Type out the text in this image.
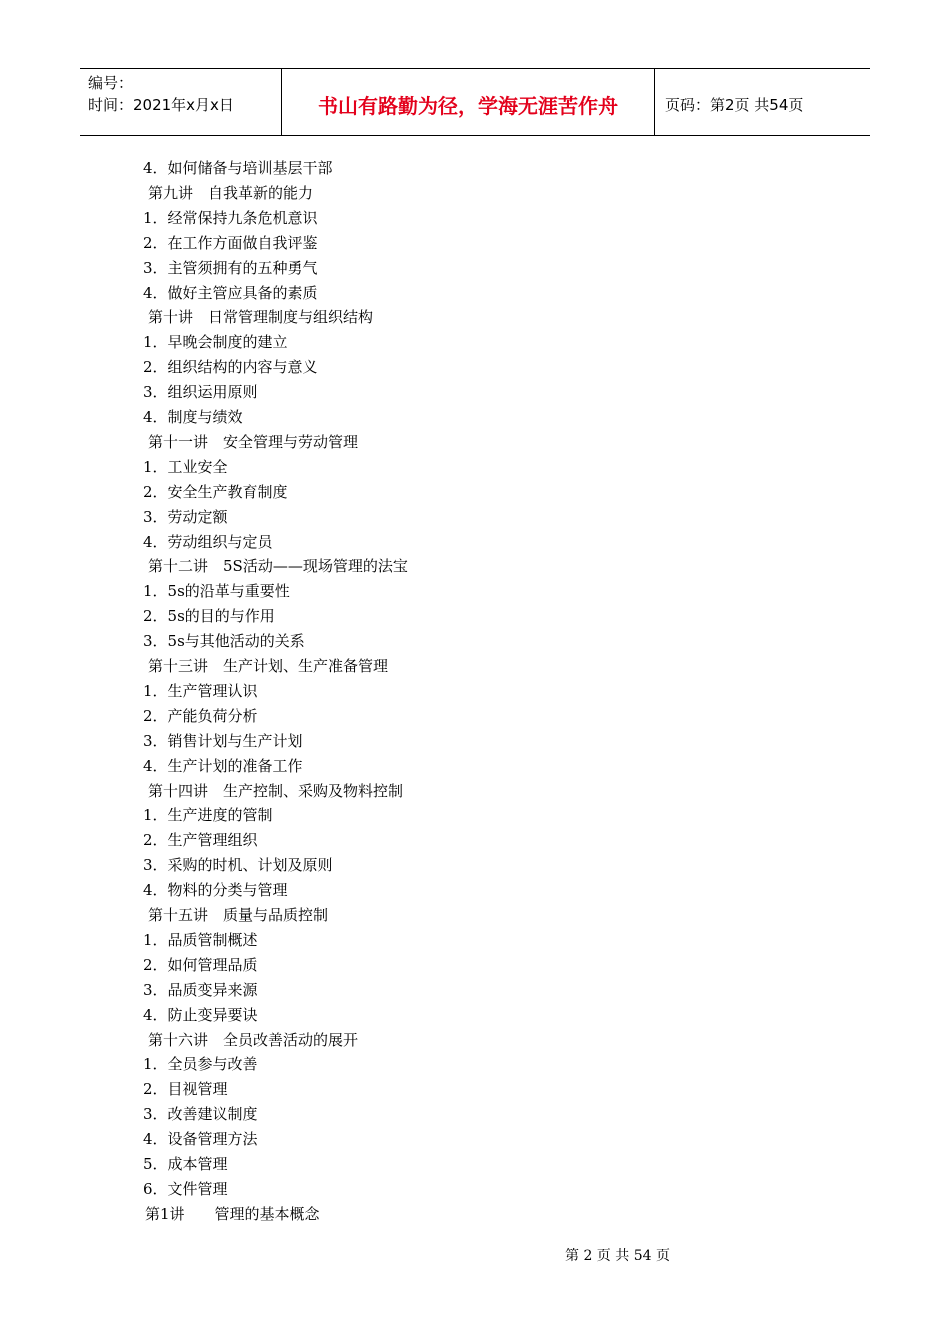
编号：
时间：2021年x月x日	书山有路勤为径，学海无涯苦作舟	页码：第2页 共54页
4．如何储备与培训基层干部
第九讲　自我革新的能力
1．经常保持九条危机意识
2．在工作方面做自我评鉴
3．主管须拥有的五种勇气
4．做好主管应具备的素质
第十讲　日常管理制度与组织结构
1．早晚会制度的建立
2．组织结构的内容与意义
3．组织运用原则
4．制度与绩效
第十一讲　安全管理与劳动管理
1．工业安全
2．安全生产教育制度
3．劳动定额
4．劳动组织与定员
第十二讲　5S活动——现场管理的法宝
1．5s的沿革与重要性
2．5s的目的与作用
3．5s与其他活动的关系
第十三讲　生产计划、生产准备管理
1．生产管理认识
2．产能负荷分析
3．销售计划与生产计划
4．生产计划的准备工作
第十四讲　生产控制、采购及物料控制
1．生产进度的管制
2．生产管理组织
3．采购的时机、计划及原则
4．物料的分类与管理
第十五讲　质量与品质控制
1．品质管制概述
2．如何管理品质
3．品质变异来源
4．防止变异要诀
第十六讲　全员改善活动的展开
1．全员参与改善
2．目视管理
3．改善建议制度
4．设备管理方法
5．成本管理
6．文件管理
第1讲　　管理的基本概念
第 2 页 共 54 页
